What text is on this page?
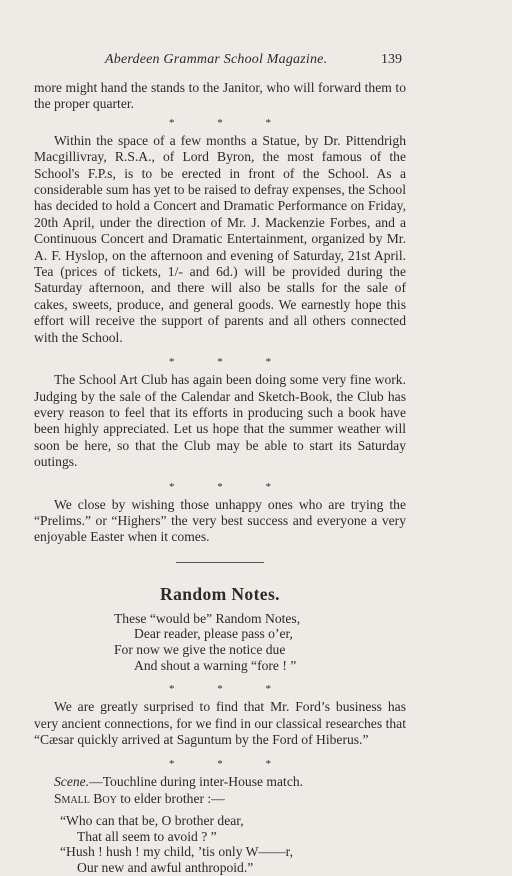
Aberdeen Grammar School Magazine.	139

more might hand the stands to the Janitor, who will forward them to the proper quarter.

* * *

Within the space of a few months a Statue, by Dr. Pittendrigh Macgillivray, R.S.A., of Lord Byron, the most famous of the School's F.P.s, is to be erected in front of the School. As a considerable sum has yet to be raised to defray expenses, the School has decided to hold a Concert and Dramatic Performance on Friday, 20th April, under the direction of Mr. J. Mackenzie Forbes, and a Continuous Concert and Dramatic Entertainment, organized by Mr. A. F. Hyslop, on the afternoon and evening of Saturday, 21st April. Tea (prices of tickets, 1/- and 6d.) will be provided during the Saturday afternoon, and there will also be stalls for the sale of cakes, sweets, produce, and general goods. We earnestly hope this effort will receive the support of parents and all others connected with the School.

* * *

The School Art Club has again been doing some very fine work. Judging by the sale of the Calendar and Sketch-Book, the Club has every reason to feel that its efforts in producing such a book have been highly appreciated. Let us hope that the summer weather will soon be here, so that the Club may be able to start its Saturday outings.

* * *

We close by wishing those unhappy ones who are trying the “Prelims.” or “Highers” the very best success and everyone a very enjoyable Easter when it comes.

Random Notes.
These “would be” Random Notes,
Dear reader, please pass o’er,
For now we give the notice due
And shout a warning “fore ! ”
* * *

We are greatly surprised to find that Mr. Ford’s business has very ancient connections, for we find in our classical researches that “Cæsar quickly arrived at Saguntum by the Ford of Hiberus.”

* * *
Scene.—Touchline during inter-House match.
Small Boy to elder brother :—
“Who can that be, O brother dear,
That all seem to avoid ? ”
“Hush ! hush ! my child, ’tis only W——r,
Our new and awful anthropoid.”
